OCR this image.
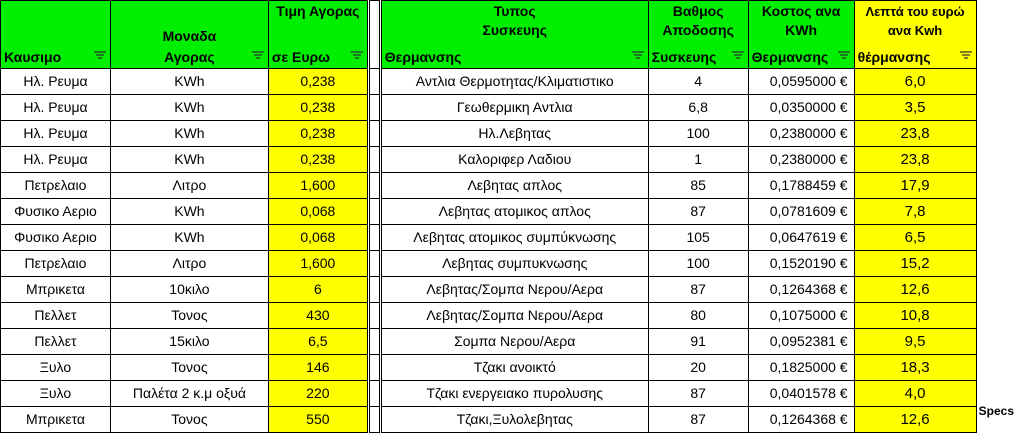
	Μοναδα	Τιμη Αγορας		Τυπος Συσκευης	Βαθμος Αποδοσης	Κοστος ανα KWh	Λεπτά του ευρώ ανα Kwh	
Καυσιμο	Αγορας	σε Ευρω		Θερμανσης	Συσκευης	Θερμανσης	θέρμανσης	

Ηλ. Ρευμα	KWh	0,238		Αντλια Θερμοτητας/Κλιματιστικο	4	0,0595000 €	6,0	
Ηλ. Ρευμα	KWh	0,238		Γεωθερμικη Αντλια	6,8	0,0350000 €	3,5	
Ηλ. Ρευμα	KWh	0,238		Ηλ.Λεβητας	100	0,2380000 €	23,8	
Ηλ. Ρευμα	KWh	0,238		Καλοριφερ Λαδιου	1	0,2380000 €	23,8	
Πετρελαιο	Λιτρο	1,600		Λεβητας απλος	85	0,1788459 €	17,9	
Φυσικο Αεριο	KWh	0,068		Λεβητας ατομικος απλος	87	0,0781609 €	7,8	
Φυσικο Αεριο	KWh	0,068		Λεβητας ατομικος συμπύκνωσης	105	0,0647619 €	6,5	
Πετρελαιο	Λιτρο	1,600		Λεβητας συμπυκνωσης	100	0,1520190 €	15,2	
Μπρικετα	10κιλο	6		Λεβητας/Σομπα Νερου/Αερα	87	0,1264368 €	12,6	
Πελλετ	Τονος	430		Λεβητας/Σομπα Νερου/Αερα	80	0,1075000 €	10,8	
Πελλετ	15κιλο	6,5		Σομπα Νερου/Αερα	91	0,0952381 €	9,5	
Ξυλο	Τονος	146		Τζακι ανοικτό	20	0,1825000 €	18,3	
Ξυλο	Παλέτα 2 κ.μ οξυά	220		Τζακι ενεργειακο πυρολυσης	87	0,0401578 €	4,0	
Μπρικετα	Τονος	550		Τζακι,Ξυλολεβητας	87	0,1264368 €	12,6		Specs
